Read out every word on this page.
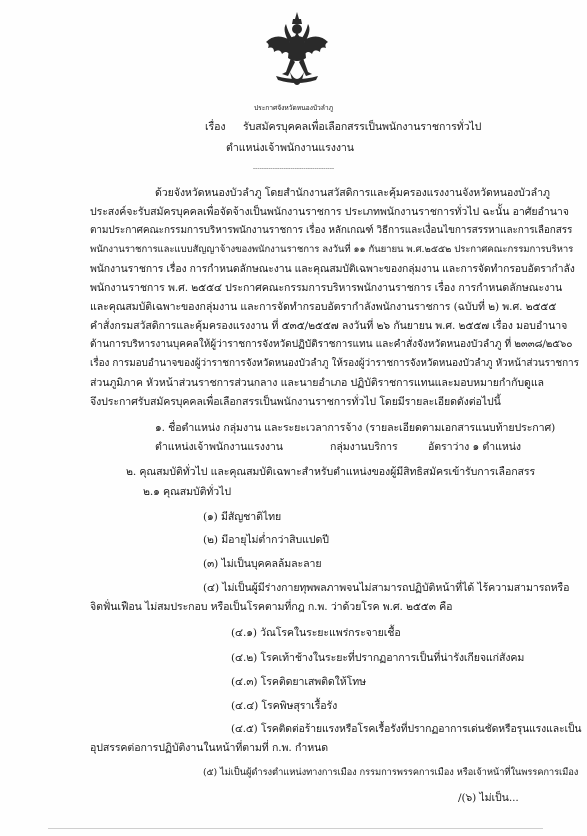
ประกาศจังหวัดหนองบัวลำภู
เรื่อง รับสมัครบุคคลเพื่อเลือกสรรเป็นพนักงานราชการทั่วไป
ตำแหน่งเจ้าพนักงานแรงงาน
-------------------------------------
ด้วยจังหวัดหนองบัวลำภู โดยสำนักงานสวัสดิการและคุ้มครองแรงงานจังหวัดหนองบัวลำภู
ประสงค์จะรับสมัครบุคคลเพื่อจัดจ้างเป็นพนักงานราชการ ประเภทพนักงานราชการทั่วไป ฉะนั้น อาศัยอำนาจ
ตามประกาศคณะกรรมการบริหารพนักงานราชการ เรื่อง หลักเกณฑ์ วิธีการและเงื่อนไขการสรรหาและการเลือกสรร
พนักงานราชการและแบบสัญญาจ้างของพนักงานราชการ ลงวันที่ ๑๑ กันยายน พ.ศ.๒๕๕๒ ประกาศคณะกรรมการบริหาร
พนักงานราชการ เรื่อง การกำหนดลักษณะงาน และคุณสมบัติเฉพาะของกลุ่มงาน และการจัดทำกรอบอัตรากำลัง
พนักงานราชการ พ.ศ. ๒๕๕๔ ประกาศคณะกรรมการบริหารพนักงานราชการ เรื่อง การกำหนดลักษณะงาน
และคุณสมบัติเฉพาะของกลุ่มงาน และการจัดทำกรอบอัตรากำลังพนักงานราชการ (ฉบับที่ ๒) พ.ศ. ๒๕๕๕
คำสั่งกรมสวัสดิการและคุ้มครองแรงงาน ที่ ๕๓๕/๒๕๕๗ ลงวันที่ ๒๖ กันยายน พ.ศ. ๒๕๕๗ เรื่อง มอบอำนาจ
ด้านการบริหารงานบุคคลให้ผู้ว่าราชการจังหวัดปฏิบัติราชการแทน และคำสั่งจังหวัดหนองบัวลำภู ที่ ๒๓๓๘/๒๕๖๐
เรื่อง การมอบอำนาจของผู้ว่าราชการจังหวัดหนองบัวลำภู ให้รองผู้ว่าราชการจังหวัดหนองบัวลำภู หัวหน้าส่วนราชการ
ส่วนภูมิภาค หัวหน้าส่วนราชการส่วนกลาง และนายอำเภอ ปฏิบัติราชการแทนและมอบหมายกำกับดูแล
จึงประกาศรับสมัครบุคคลเพื่อเลือกสรรเป็นพนักงานราชการทั่วไป โดยมีรายละเอียดดังต่อไปนี้
๑. ชื่อตำแหน่ง กลุ่มงาน และระยะเวลาการจ้าง (รายละเอียดตามเอกสารแนบท้ายประกาศ)
ตำแหน่งเจ้าพนักงานแรงงาน	กลุ่มงานบริการ	อัตราว่าง ๑ ตำแหน่ง
๒. คุณสมบัติทั่วไป และคุณสมบัติเฉพาะสำหรับตำแหน่งของผู้มีสิทธิสมัครเข้ารับการเลือกสรร
๒.๑ คุณสมบัติทั่วไป
(๑) มีสัญชาติไทย
(๒) มีอายุไม่ต่ำกว่าสิบแปดปี
(๓) ไม่เป็นบุคคลล้มละลาย
(๔) ไม่เป็นผู้มีร่างกายทุพพลภาพจนไม่สามารถปฏิบัติหน้าที่ได้ ไร้ความสามารถหรือ
จิตฟั่นเฟือน ไม่สมประกอบ หรือเป็นโรคตามที่กฎ ก.พ. ว่าด้วยโรค พ.ศ. ๒๕๕๓ คือ
(๔.๑) วัณโรคในระยะแพร่กระจายเชื้อ
(๔.๒) โรคเท้าช้างในระยะที่ปรากฏอาการเป็นที่น่ารังเกียจแก่สังคม
(๔.๓) โรคติดยาเสพติดให้โทษ
(๔.๔) โรคพิษสุราเรื้อรัง
(๔.๕) โรคติดต่อร้ายแรงหรือโรคเรื้อรังที่ปรากฏอาการเด่นชัดหรือรุนแรงและเป็น
อุปสรรคต่อการปฏิบัติงานในหน้าที่ตามที่ ก.พ. กำหนด
(๕) ไม่เป็นผู้ดำรงตำแหน่งทางการเมือง กรรมการพรรคการเมือง หรือเจ้าหน้าที่ในพรรคการเมือง
/(๖) ไม่เป็น...
